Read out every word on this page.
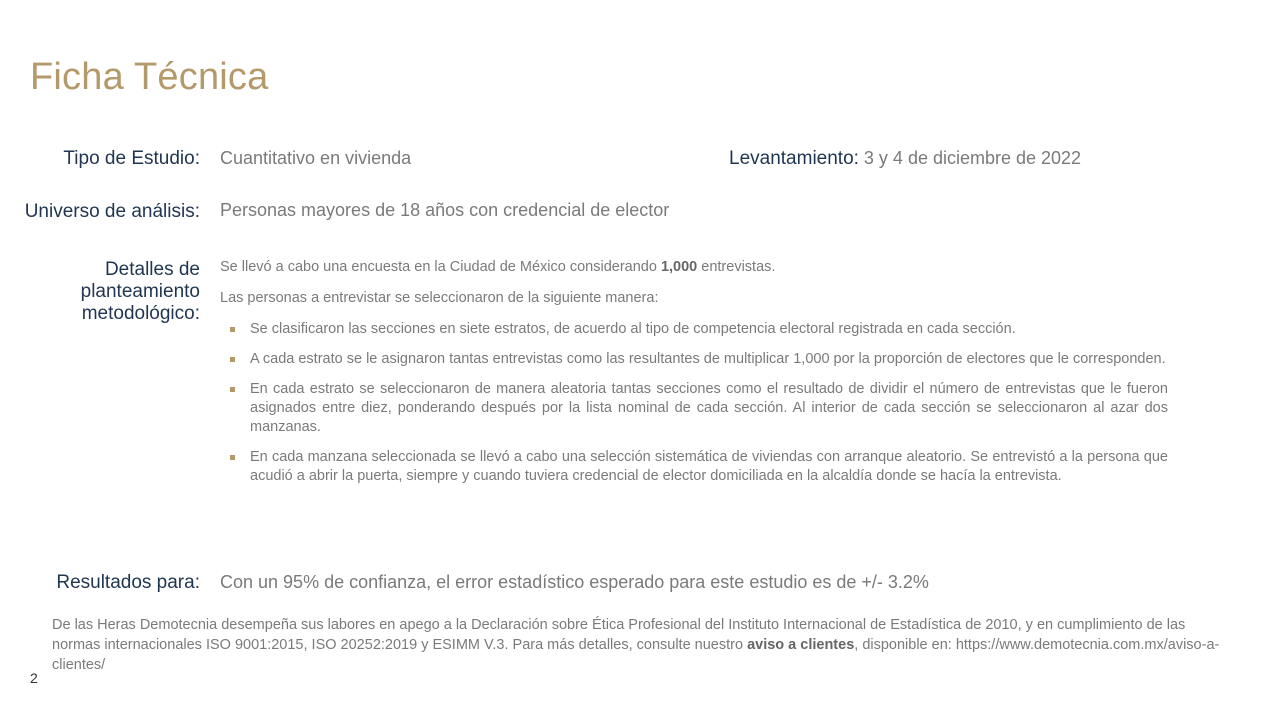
Ficha Técnica
Tipo de Estudio: Cuantitativo en vivienda	Levantamiento: 3 y 4 de diciembre de 2022
Universo de análisis: Personas mayores de 18 años con credencial de elector
Detalles de
planteamiento
metodológico:
Se llevó a cabo una encuesta en la Ciudad de México considerando 1,000 entrevistas.
Las personas a entrevistar se seleccionaron de la siguiente manera:
Se clasificaron las secciones en siete estratos, de acuerdo al tipo de competencia electoral registrada en cada sección.
A cada estrato se le asignaron tantas entrevistas como las resultantes de multiplicar 1,000 por la proporción de electores que le corresponden.
En cada estrato se seleccionaron de manera aleatoria tantas secciones como el resultado de dividir el número de entrevistas que le fueron asignados entre diez, ponderando después por la lista nominal de cada sección. Al interior de cada sección se seleccionaron al azar dos manzanas.
En cada manzana seleccionada se llevó a cabo una selección sistemática de viviendas con arranque aleatorio. Se entrevistó a la persona que acudió a abrir la puerta, siempre y cuando tuviera credencial de elector domiciliada en la alcaldía donde se hacía la entrevista.
Resultados para: Con un 95% de confianza, el error estadístico esperado para este estudio es de +/- 3.2%
De las Heras Demotecnia desempeña sus labores en apego a la Declaración sobre Ética Profesional del Instituto Internacional de Estadística de 2010, y en cumplimiento de las normas internacionales ISO 9001:2015, ISO 20252:2019 y ESIMM V.3. Para más detalles, consulte nuestro aviso a clientes, disponible en: https://www.demotecnia.com.mx/aviso-a-clientes/
2
